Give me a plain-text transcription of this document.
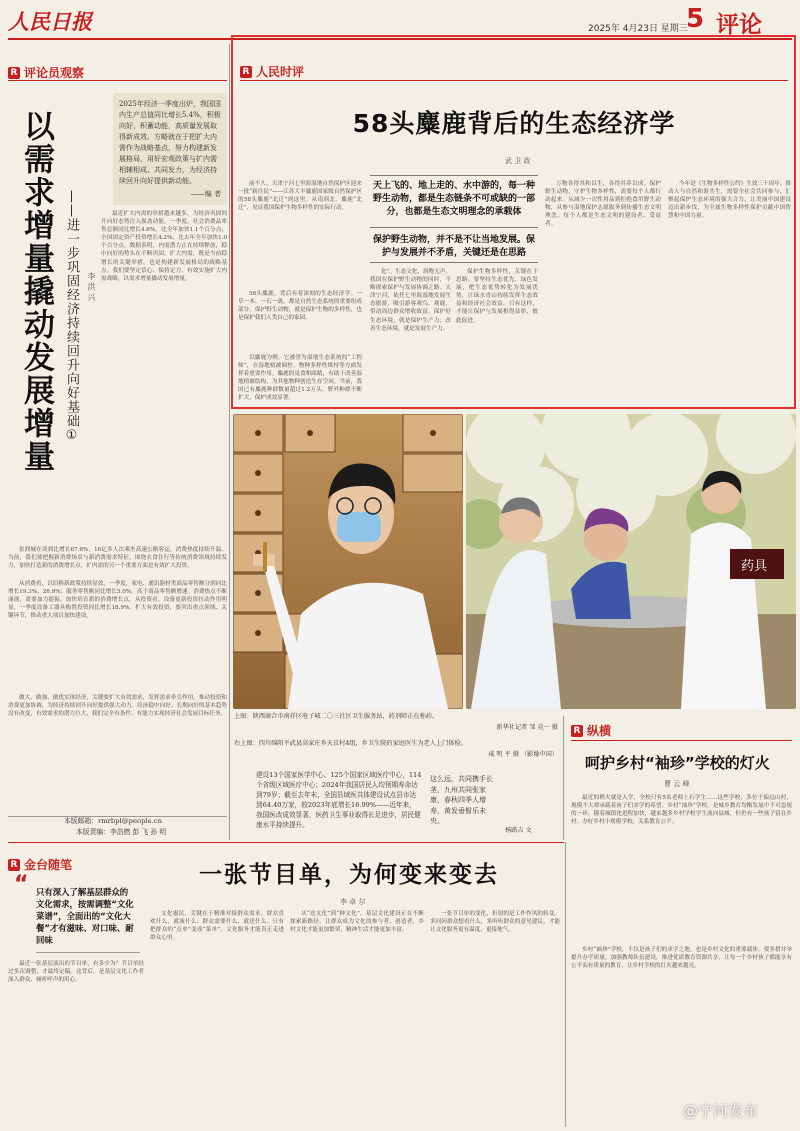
人民日报	2025年 4月23日 星期三
5 评论
R 评论员观察
以需求增量撬动发展增量 ——进一步巩固经济持续回升向好基础① 李 洪 兴
2025年经济一季度出炉，我国国内生产总值同比增长5.4%，积极向好，积蓄动能，高质量发展取得新成效。方略就在于把扩大内需作为战略基点，努力构建新发展格局，用好宏观政策与扩内需相辅相成、共同发力，为经济持续回升向好提供新动能。
——编 者
最近扩大内需的举措越来越多，为经济巩固回升向好态势注入强劲动能。一季度，社会消费品零售总额同比增长4.6%，比全年加快1.1个百分点；全国固定资产投资增长4.2%，比去年全年加快1.0个百分点。数据表明，内需潜力正在持续释放，稳中向好的势头在不断巩固。扩大内需，既是当前稳增长的关键举措，也是构建新发展格局的战略基点。我们要坚定信心、保持定力，有效实施扩大内需战略，以需求增量撬动发展增量。
张润城在谈到比增长67.6%，16亿多人次乘坐高速公路客运，消费热度持续升温。当前，我们要把握新消费场景与新消费需求特征，围绕衣食住行等传统消费领域持续发力，加快打造新的消费增长点。扩内需的另一个重要方面是有效扩大投资。
从消费看，以旧换新政策持续显效，一季度，家电、通讯器材类商品零售额分别同比增长19.3%、26.9%；服务零售额同比增长5.0%，高于商品零售额增速。消费热点不断涌现，需要加力提振，加快培育新的消费增长点。从投资看，设备更新投资拉动作用明显，一季度设备工器具购置投资同比增长18.9%。扩大有效投资，要突出重点领域、关键环节，推动重大项目加快建设。
做大、做强、做优实体经济，关键要扩大有效需求，发挥需求牵引作用。推动投资和消费更加协调，为经济持续回升向好提供强大动力。经济稳中向好、长期向好的基本趋势没有改变，有效需求的潜力巨大，我们完全有条件、有能力实现经济社会发展目标任务。
本版邮箱：rmrbpl@people.cn
本版责编：李浩燃 彭 飞 孙 明
R 人民时评
58头麋鹿背后的生态经济学
武 卫 政
前不久，天津宁河七里海湿地自然保护区迎来一批“新住民”——江苏大丰麋鹿国家级自然保护区的58头麋鹿“北迁”到这里。从南到北，麋鹿“北迁”，见证我国保护生物多样性的实际行动。
58头麋鹿，背后有着深刻的生态经济学。一草一木、一石一禽，都是自然生态系统的重要组成部分。保护野生动物，就是保护生物的多样性，也是保护我们人类自己的家园。
以麋鹿为例。它被誉为湿地生态系统的“工程师”，在湿地植被调控、物种多样性维持等方面发挥着重要作用。麋鹿的觅食和踩踏，有助于改善湿地植被结构，为其他物种创造生存空间。当前，我国已有麋鹿种群数量超过1.2万头，野外种群不断扩大，保护成效显著。
天上飞的、地上走的、水中游的，每一种野生动物，都是生态链条不可或缺的一部分，也都是生态文明理念的承载体
保护野生动物，并不是不让当地发展。保护与发展并不矛盾，关键还是在思路
化”。生态文化，润物无声。我国在保护野生动物的同时，不断探索保护与发展协调之路。天津宁河，依托七里海湿地发展生态旅游，吸引游客观鸟、观鹿，带动周边群众增收致富。保护好生态环境，就是保护生产力；改善生态环境，就是发展生产力。
保护生物多样性，关键在于思路。要坚持生态优先、绿色发展，把生态优势转化为发展优势，让绿水青山持续发挥生态效益和经济社会效益。只有这样，才能让保护与发展相得益彰、彼此促进。
万物各得其和以生，各得其养以成。保护野生动物，守护生物多样性，需要每个人都行动起来。从减少一次性用品到拒绝食用野生动物，从参与湿地保护志愿服务到传播生态文明理念，每个人都是生态文明的建设者、受益者。
今年是《生物多样性公约》生效三十周年。推动人与自然和谐共生，需要全社会共同参与，汇聚起保护生态环境的强大合力，让美丽中国建设迈出新步伐，为全球生物多样性保护贡献中国智慧和中国力量。
药具
@宁河发布
上图：陕西商合市南祥区电子城二〇三社区卫生服务站，药剂师正在称药。
新华社记者 邹 竞一 摄
右上图：四川绵阳平武县高家庄乡天京村4组，乡卫生院的家庭医生为老人上门体检。
咸 明 平 摄 （影像中国）
建设13个国家医学中心、125个国家区域医疗中心，114个省级区域医疗中心；2024年我国居民人均预期寿命达到79岁；截至去年末，全国县域医共体建设试点县市达到64.40万家，较2023年底增长16.99%——近年来，我国医改成效显著，医药卫生事业取得长足进步，居民健康水平持续提升。
这么远，共同携手长茎，九州共同张家康，春秋四季人增寿，黄发垂髫乐未央。
杨路吉 文
R 纵横
呵护乡村“袖珍”学校的灯火
曹 云 峰
最近的稍夫就是入学，全校只有5名老师上石学生……这些学校，多位于偏远山村，规模不大却承载着孩子们求学的希望。乡村“袖珍”学校，是城乡教育均衡发展中不可忽视的一环。随着城镇化进程加快，越来越多乡村学校学生流向县城，但仍有一些孩子留在乡村。办好乡村小规模学校，关系教育公平。
乡村“袖珍”学校，不仅是孩子们的求学之地，也是乡村文化的重要载体。要多措并举提升办学质量，加强教师队伍建设，推进优质教育资源共享，让每一个乡村孩子都能享有公平而有质量的教育，让乡村学校的灯火越来越亮。
R 金台随笔
“ 只有深入了解基层群众的文化需求，按需调整“文化菜谱”，全面出的“文化大餐”才有滋味、对口味、耐回味
一张节目单，为何变来变去
李 卓 尔
最近一张基层演出的节目单，有多少为？节目单经过多次调整，才最终定稿。这背后，是基层文化工作者深入群众、倾听呼声的用心。
文化惠民，关键在于精准对接群众需求。群众喜欢什么，就演什么；群众需要什么，就送什么。只有把群众的“点单”变成“菜单”，文化服务才能真正走进群众心里。
从“送文化”到“种文化”，基层文化建设正在不断探索新路径。让群众成为文化的参与者、创造者，乡村文化才能更加繁荣，精神生活才能更加丰富。
一张节目单的变化，折射的是工作作风的转变。多问问群众想看什么，多听听群众的意见建议，才能让文化服务更有温度、更接地气。
